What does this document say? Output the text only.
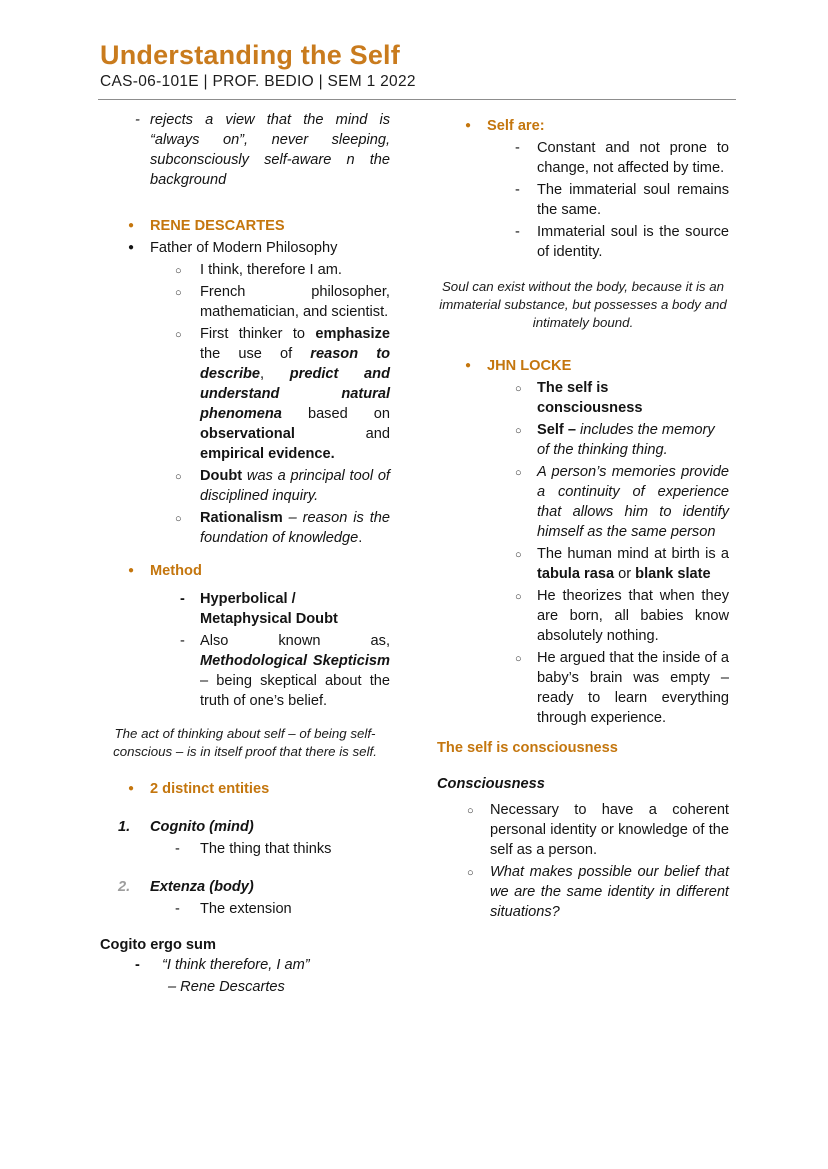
Understanding the Self
CAS-06-101E | PROF. BEDIO | SEM 1 2022
- rejects a view that the mind is “always on”, never sleeping, subconsciously self-aware n the background
●	RENE DESCARTES
●	Father of Modern Philosophy
○	I think, therefore I am.
○	French philosopher, mathematician, and scientist.
○	First thinker to emphasize the use of reason to describe, predict and understand natural phenomena based on observational and empirical evidence.
○	Doubt was a principal tool of disciplined inquiry.
○	Rationalism – reason is the foundation of knowledge.
●	Method
-	Hyperbolical / Metaphysical Doubt
-	Also known as, Methodological Skepticism – being skeptical about the truth of one’s belief.
The act of thinking about self – of being self-conscious – is in itself proof that there is self.
●	2 distinct entities
1.	Cognito (mind)
-	The thing that thinks
2.	Extenza (body)
-	The extension
Cogito ergo sum
-	“I think therefore, I am”
– Rene Descartes
●	Self are:
-	Constant and not prone to change, not affected by time.
-	The immaterial soul remains the same.
-	Immaterial soul is the source of identity.
Soul can exist without the body, because it is an immaterial substance, but possesses a body and intimately bound.
●	JHN LOCKE
○	The self is consciousness
○	Self – includes the memory of the thinking thing.
○	A person’s memories provide a continuity of experience that allows him to identify himself as the same person
○	The human mind at birth is a tabula rasa or blank slate
○	He theorizes that when they are born, all babies know absolutely nothing.
○	He argued that the inside of a baby’s brain was empty – ready to learn everything through experience.
The self is consciousness
Consciousness
○	Necessary to have a coherent personal identity or knowledge of the self as a person.
○	What makes possible our belief that we are the same identity in different situations?
